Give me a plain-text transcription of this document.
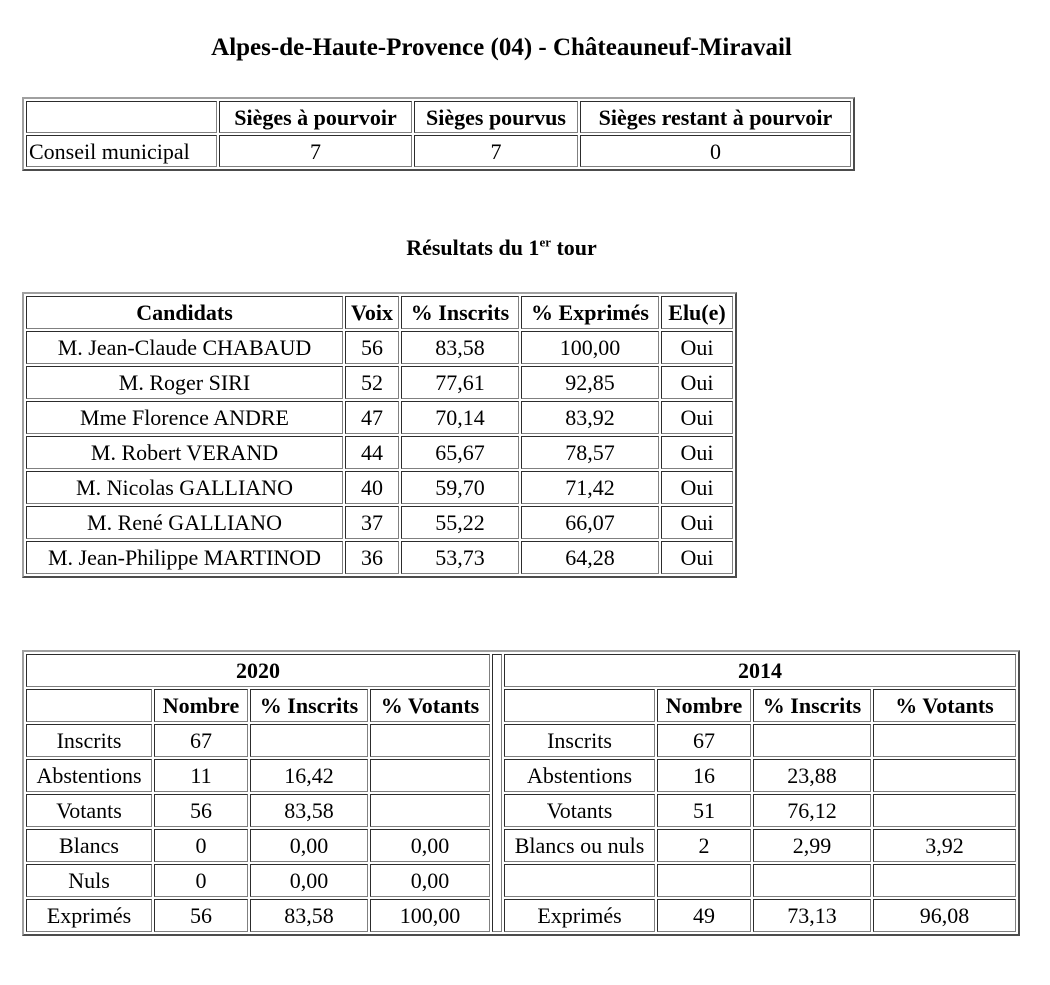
Alpes-de-Haute-Provence (04) - Châteauneuf-Miravail
	Sièges à pourvoir	Sièges pourvus	Sièges restant à pourvoir
Conseil municipal	7	7	0
Résultats du 1er tour
Candidats	Voix	% Inscrits	% Exprimés	Elu(e)
M. Jean-Claude CHABAUD	56	83,58	100,00	Oui
M. Roger SIRI	52	77,61	92,85	Oui
Mme Florence ANDRE	47	70,14	83,92	Oui
M. Robert VERAND	44	65,67	78,57	Oui
M. Nicolas GALLIANO	40	59,70	71,42	Oui
M. René GALLIANO	37	55,22	66,07	Oui
M. Jean-Philippe MARTINOD	36	53,73	64,28	Oui
2020					2014			
	Nombre	% Inscrits	% Votants			Nombre	% Inscrits	% Votants
Inscrits	67				Inscrits	67		
Abstentions	11	16,42			Abstentions	16	23,88	
Votants	56	83,58			Votants	51	76,12	
Blancs	0	0,00	0,00		Blancs ou nuls	2	2,99	3,92
Nuls	0	0,00	0,00					
Exprimés	56	83,58	100,00		Exprimés	49	73,13	96,08
